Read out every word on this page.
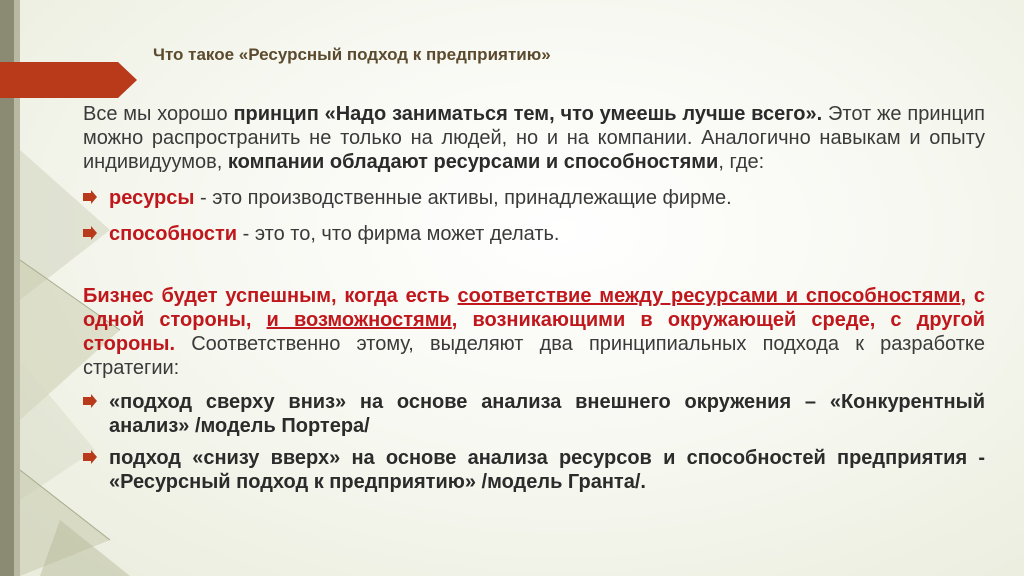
Что такое «Ресурсный подход к предприятию»

Все мы хорошо принцип «Надо заниматься тем, что умеешь лучше всего». Этот же принцип можно распространить не только на людей, но и на компании. Аналогично навыкам и опыту индивидуумов, компании обладают ресурсами и способностями, где:

ресурсы - это производственные активы, принадлежащие фирме.
способности - это то, что фирма может делать.

Бизнес будет успешным, когда есть соответствие между ресурсами и способностями, с одной стороны, и возможностями, возникающими в окружающей среде, с другой стороны. Соответственно этому, выделяют два принципиальных подхода к разработке стратегии:

«подход сверху вниз» на основе анализа внешнего окружения – «Конкурентный анализ» /модель Портера/
подход «снизу вверх» на основе анализа ресурсов и способностей предприятия - «Ресурсный подход к предприятию» /модель Гранта/.
